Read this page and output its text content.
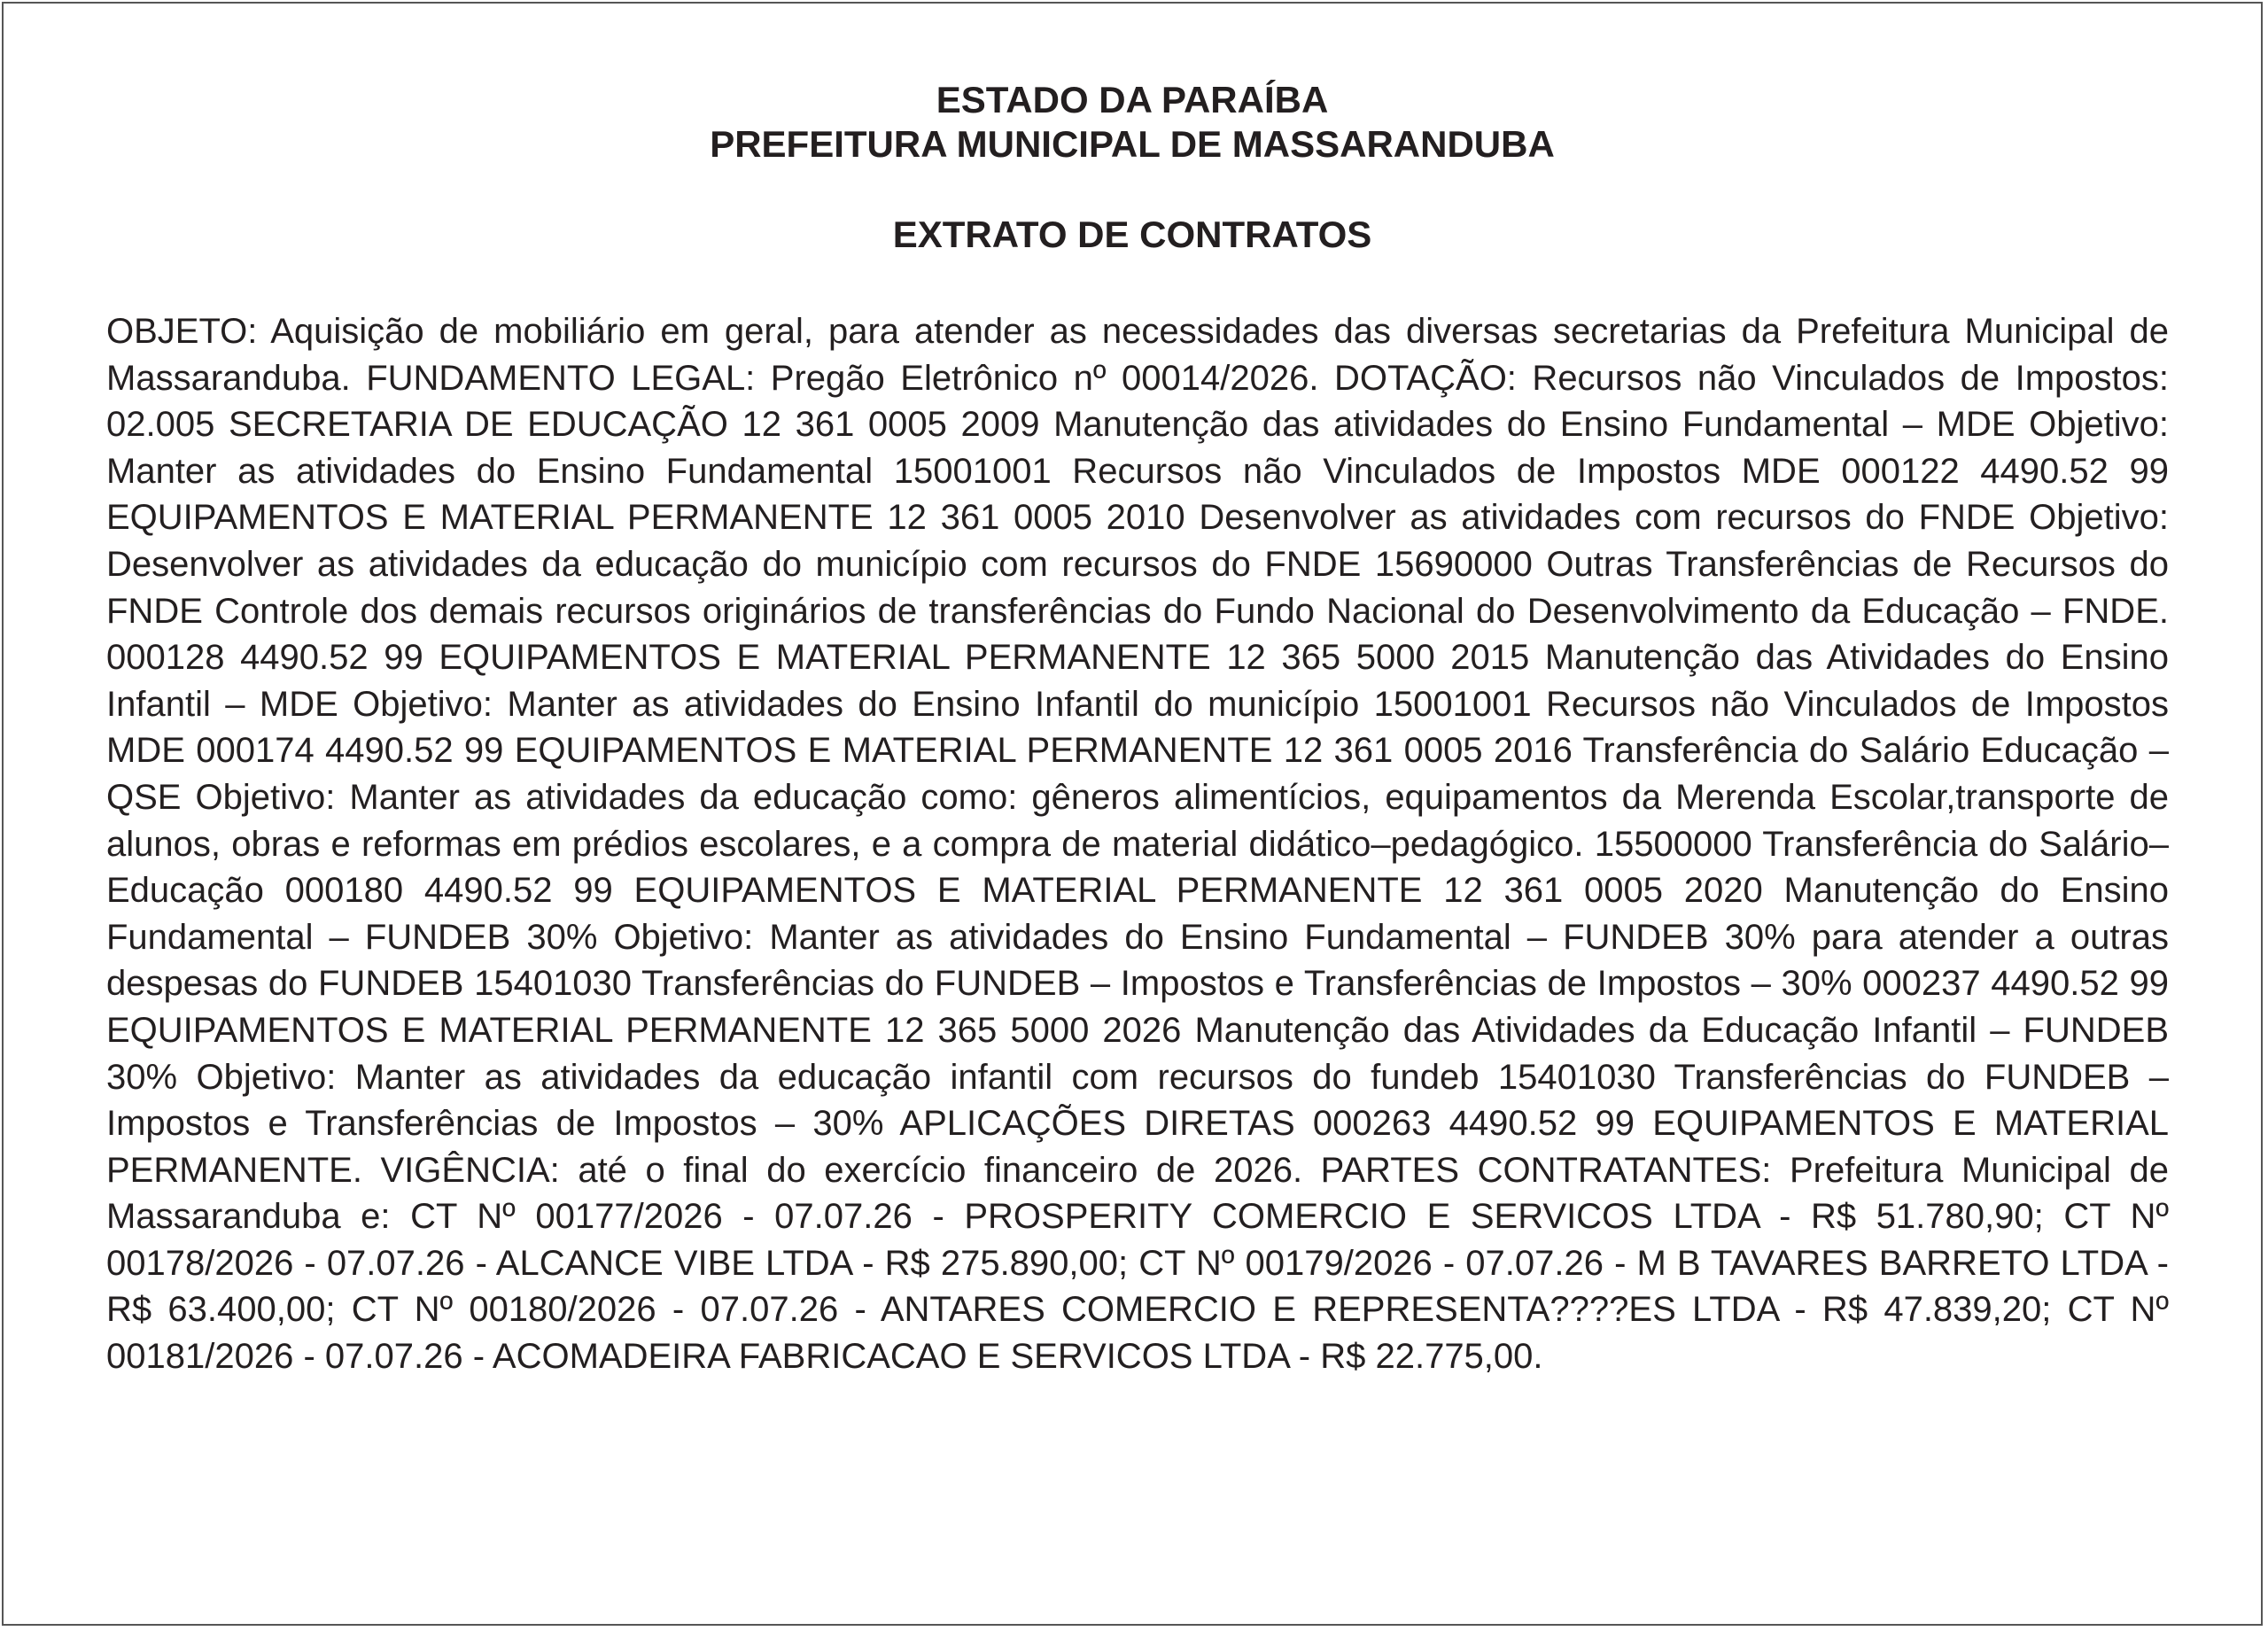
ESTADO DA PARAÍBA

PREFEITURA MUNICIPAL DE MASSARANDUBA

EXTRATO DE CONTRATOS

OBJETO: Aquisição de mobiliário em geral, para atender as necessidades das diversas secretarias da Prefeitura Municipal de Massaranduba. FUNDAMENTO LEGAL: Pregão Eletrônico nº 00014/2026. DOTAÇÃO: Recursos não Vinculados de Impostos: 02.005 SECRETARIA DE EDUCAÇÃO 12 361 0005 2009 Manutenção das atividades do Ensino Fundamental – MDE Objetivo: Manter as atividades do Ensino Fundamental 15001001 Recursos não Vinculados de Impostos MDE 000122 4490.52 99 EQUIPAMENTOS E MATERIAL PERMANENTE 12 361 0005 2010 Desenvolver as atividades com recursos do FNDE Objetivo: Desenvolver as atividades da educação do município com recursos do FNDE 15690000 Outras Transferências de Recursos do FNDE Controle dos demais recursos originários de transferências do Fundo Nacional do Desenvolvimento da Educação – FNDE. 000128 4490.52 99 EQUIPAMENTOS E MATERIAL PERMANENTE 12 365 5000 2015 Manutenção das Atividades do Ensino Infantil – MDE Objetivo: Manter as atividades do Ensino Infantil do município 15001001 Recursos não Vinculados de Impostos MDE 000174 4490.52 99 EQUIPAMENTOS E MATERIAL PERMANENTE 12 361 0005 2016 Transferência do Salário Educação – QSE Objetivo: Manter as atividades da educação como: gêneros alimentícios, equipamentos da Merenda Escolar,transporte de alunos, obras e reformas em prédios escolares, e a compra de material didático–pedagógico. 15500000 Transferência do Salário– Educação 000180 4490.52 99 EQUIPAMENTOS E MATERIAL PERMANENTE 12 361 0005 2020 Manutenção do Ensino Fundamental – FUNDEB 30% Objetivo: Manter as atividades do Ensino Fundamental – FUNDEB 30% para atender a outras despesas do FUNDEB 15401030 Transferências do FUNDEB – Impostos e Transferências de Impostos – 30% 000237 4490.52 99 EQUIPAMENTOS E MATERIAL PERMANENTE 12 365 5000 2026 Manutenção das Atividades da Educação Infantil – FUNDEB 30% Objetivo: Manter as atividades da educação infantil com recursos do fundeb 15401030 Transferências do FUNDEB – Impostos e Transferências de Impostos – 30% APLICAÇÕES DIRETAS 000263 4490.52 99 EQUIPAMENTOS E MATERIAL PERMANENTE. VIGÊNCIA: até o final do exercício financeiro de 2026. PARTES CONTRATANTES: Prefeitura Municipal de Massaranduba e: CT Nº 00177/2026 - 07.07.26 - PROSPERITY COMERCIO E SERVICOS LTDA - R$ 51.780,90; CT Nº 00178/2026 - 07.07.26 - ALCANCE VIBE LTDA - R$ 275.890,00; CT Nº 00179/2026 - 07.07.26 - M B TAVARES BARRETO LTDA - R$ 63.400,00; CT Nº 00180/2026 - 07.07.26 - ANTARES COMERCIO E REPRESENTA????ES LTDA - R$ 47.839,20; CT Nº 00181/2026 - 07.07.26 - ACOMADEIRA FABRICACAO E SERVICOS LTDA - R$ 22.775,00.
